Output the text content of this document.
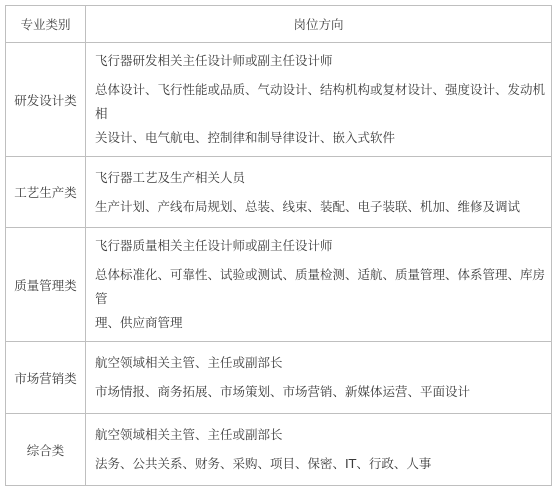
专业类别	岗位方向
研发设计类	飞行器研发相关主任设计师或副主任设计师
总体设计、飞行性能或品质、气动设计、结构机构或复材设计、强度设计、发动机相
关设计、电气航电、控制律和制导律设计、嵌入式软件

工艺生产类	飞行器工艺及生产相关人员
生产计划、产线布局规划、总装、线束、装配、电子装联、机加、维修及调试

质量管理类	飞行器质量相关主任设计师或副主任设计师
总体标准化、可靠性、试验或测试、质量检测、适航、质量管理、体系管理、库房管
理、供应商管理

市场营销类	航空领域相关主管、主任或副部长
市场情报、商务拓展、市场策划、市场营销、新媒体运营、平面设计

综合类	航空领域相关主管、主任或副部长
法务、公共关系、财务、采购、项目、保密、IT、行政、人事
